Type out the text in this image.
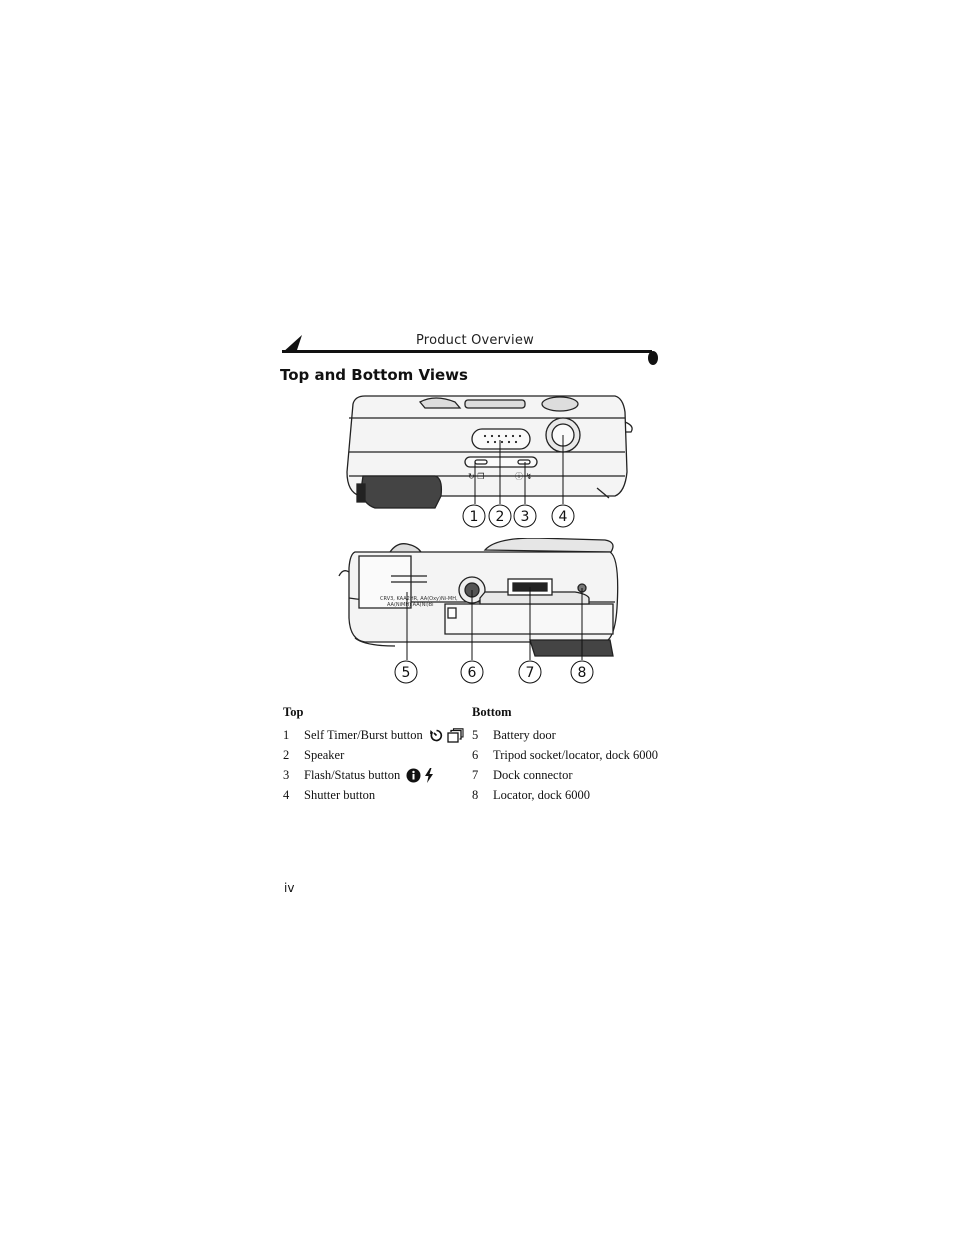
Product Overview
Top and Bottom Views
↻ ❐	ⓘ ↯
1 2 3 4
CRV3, KAA2HR, AA(Oxy)Ni-MH,
AA(NiMH) AA(Ni)Bi
5	6	7	8
Top
1	Self Timer/Burst button
2	Speaker
3	Flash/Status button
4	Shutter button
Bottom
5	Battery door
6	Tripod socket/locator, dock 6000
7	Dock connector
8	Locator, dock 6000
iv
